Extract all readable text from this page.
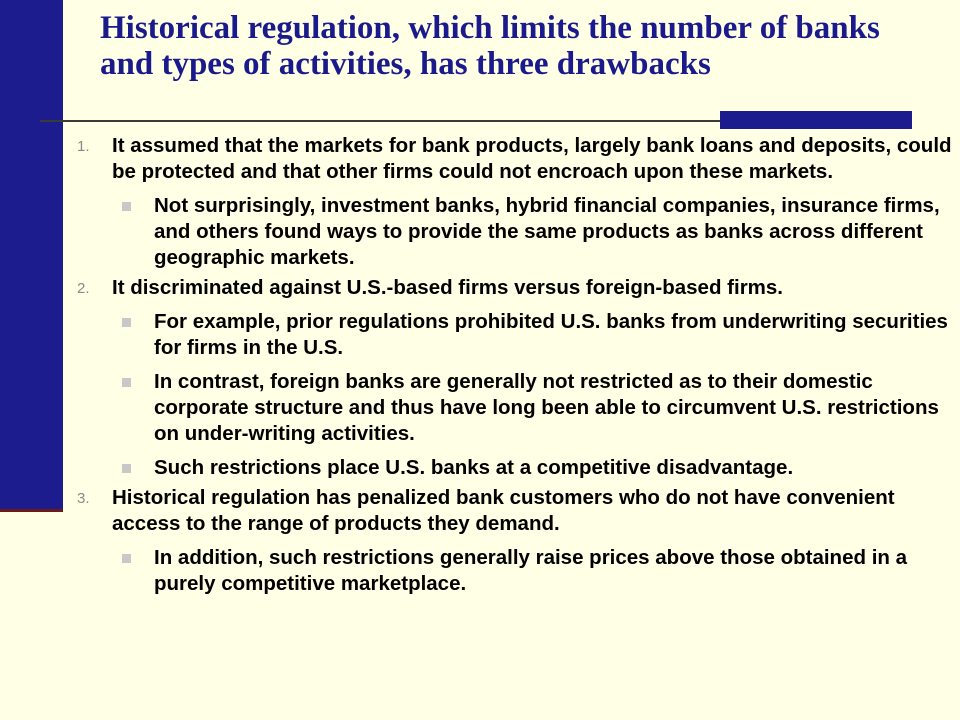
Historical regulation, which limits the number of banks and types of activities, has three drawbacks
1. It assumed that the markets for bank products, largely bank loans and deposits, could be protected and that other firms could not encroach upon these markets.
Not surprisingly, investment banks, hybrid financial companies, insurance firms, and others found ways to provide the same products as banks across different geographic markets.
2. It discriminated against U.S.-based firms versus foreign-based firms.
For example, prior regulations prohibited U.S. banks from underwriting securities for firms in the U.S.
In contrast, foreign banks are generally not restricted as to their domestic corporate structure and thus have long been able to circumvent U.S. restrictions on under-writing activities.
Such restrictions place U.S. banks at a competitive disadvantage.
3. Historical regulation has penalized bank customers who do not have convenient access to the range of products they demand.
In addition, such restrictions generally raise prices above those obtained in a purely competitive marketplace.
